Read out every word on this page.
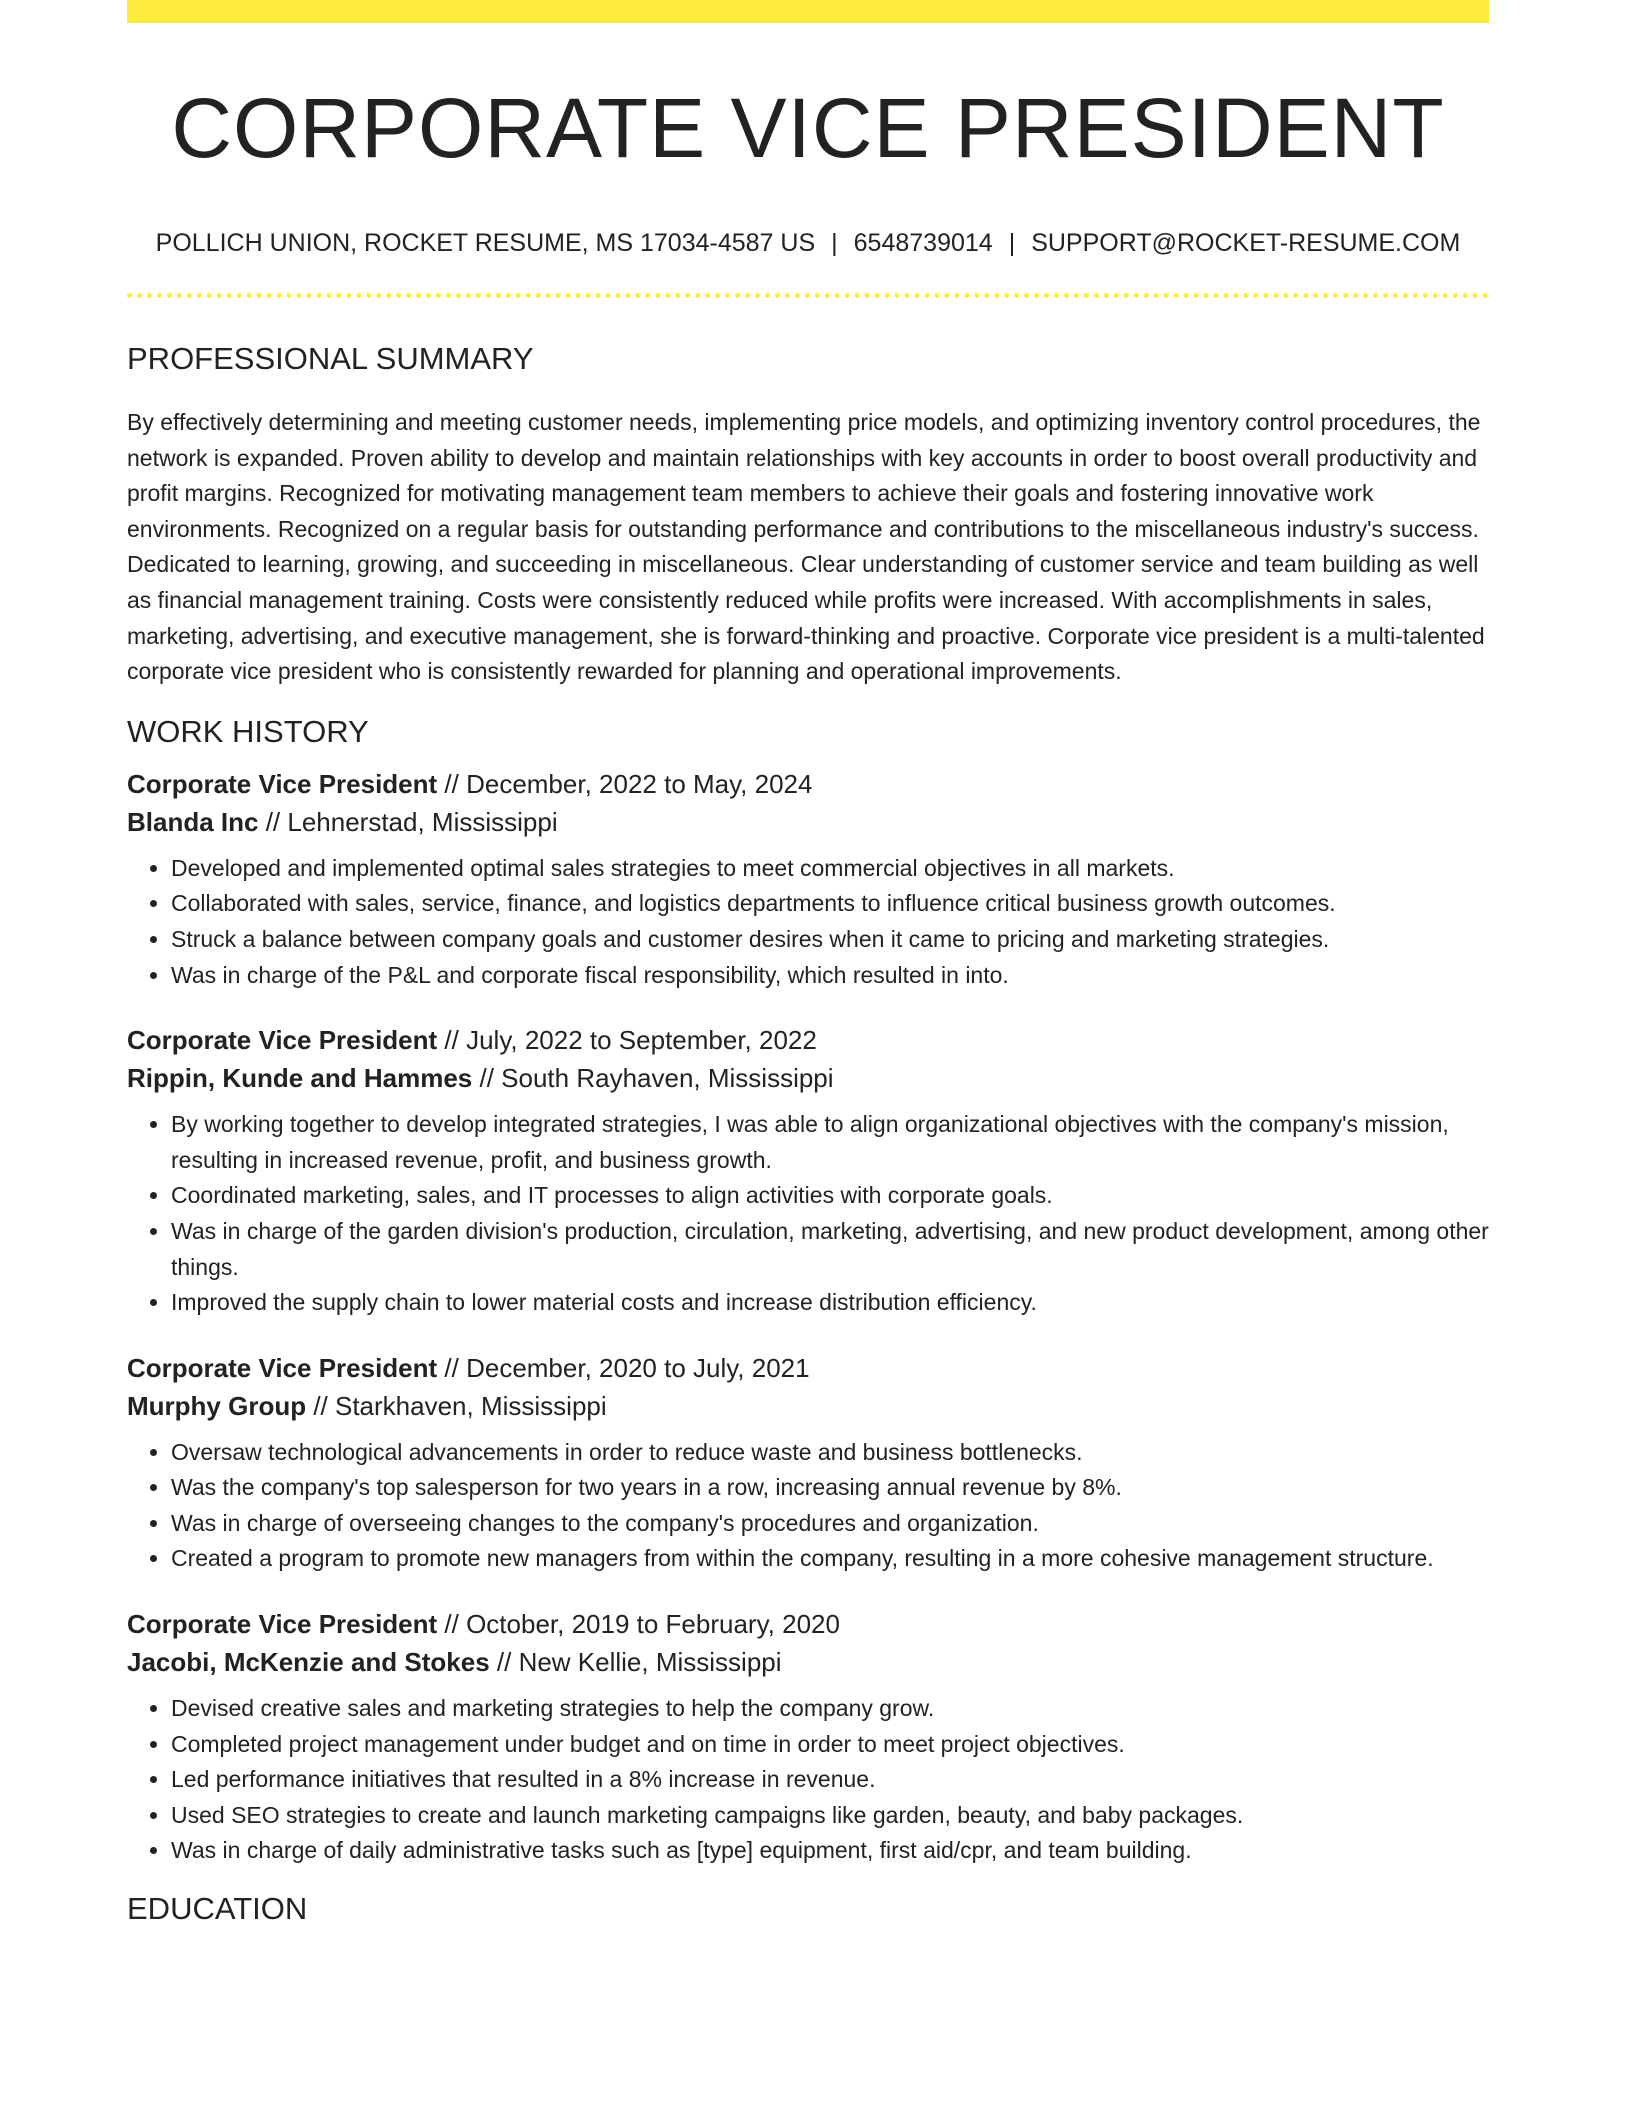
CORPORATE VICE PRESIDENT
POLLICH UNION, ROCKET RESUME, MS 17034-4587 US | 6548739014 | SUPPORT@ROCKET-RESUME.COM
PROFESSIONAL SUMMARY
By effectively determining and meeting customer needs, implementing price models, and optimizing inventory control procedures, the network is expanded. Proven ability to develop and maintain relationships with key accounts in order to boost overall productivity and profit margins. Recognized for motivating management team members to achieve their goals and fostering innovative work environments. Recognized on a regular basis for outstanding performance and contributions to the miscellaneous industry's success. Dedicated to learning, growing, and succeeding in miscellaneous. Clear understanding of customer service and team building as well as financial management training. Costs were consistently reduced while profits were increased. With accomplishments in sales, marketing, advertising, and executive management, she is forward-thinking and proactive. Corporate vice president is a multi-talented corporate vice president who is consistently rewarded for planning and operational improvements.
WORK HISTORY
Corporate Vice President // December, 2022 to May, 2024
Blanda Inc // Lehnerstad, Mississippi
• Developed and implemented optimal sales strategies to meet commercial objectives in all markets.
• Collaborated with sales, service, finance, and logistics departments to influence critical business growth outcomes.
• Struck a balance between company goals and customer desires when it came to pricing and marketing strategies.
• Was in charge of the P&L and corporate fiscal responsibility, which resulted in into.
Corporate Vice President // July, 2022 to September, 2022
Rippin, Kunde and Hammes // South Rayhaven, Mississippi
• By working together to develop integrated strategies, I was able to align organizational objectives with the company's mission, resulting in increased revenue, profit, and business growth.
• Coordinated marketing, sales, and IT processes to align activities with corporate goals.
• Was in charge of the garden division's production, circulation, marketing, advertising, and new product development, among other things.
• Improved the supply chain to lower material costs and increase distribution efficiency.
Corporate Vice President // December, 2020 to July, 2021
Murphy Group // Starkhaven, Mississippi
• Oversaw technological advancements in order to reduce waste and business bottlenecks.
• Was the company's top salesperson for two years in a row, increasing annual revenue by 8%.
• Was in charge of overseeing changes to the company's procedures and organization.
• Created a program to promote new managers from within the company, resulting in a more cohesive management structure.
Corporate Vice President // October, 2019 to February, 2020
Jacobi, McKenzie and Stokes // New Kellie, Mississippi
• Devised creative sales and marketing strategies to help the company grow.
• Completed project management under budget and on time in order to meet project objectives.
• Led performance initiatives that resulted in a 8% increase in revenue.
• Used SEO strategies to create and launch marketing campaigns like garden, beauty, and baby packages.
• Was in charge of daily administrative tasks such as [type] equipment, first aid/cpr, and team building.
EDUCATION
